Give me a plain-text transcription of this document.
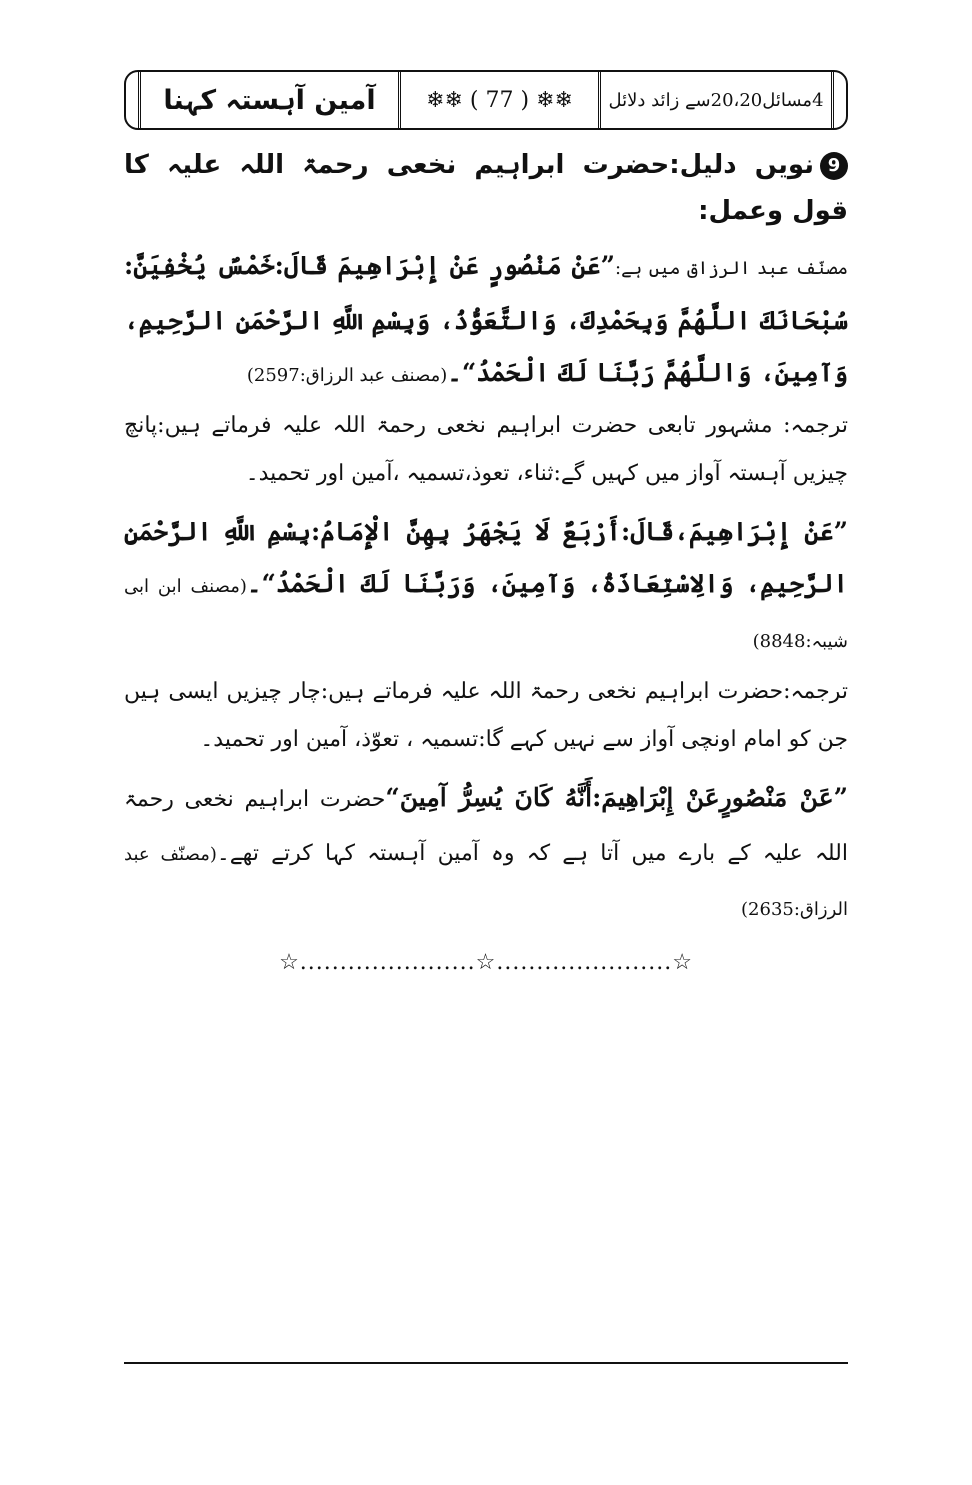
آمین آہستہ کہنا	❄❄ ( 77 ) ❄❄	4مسائل20،20سے زائد دلائل
9نویں دلیل:حضرت ابراہیم نخعی رحمۃ اللہ علیہ کا قول وعمل:

مصنّف عبد الرزاق میں ہے:”عَنْ مَنْصُورٍ عَنْ إِبْرَاهِيمَ قَالَ:خَمْسٌ يُخْفِيَنَّ: سُبْحَانَكَ اللَّهُمَّ وَبِحَمْدِكَ، وَالتَّعَوُّذُ، وَبِسْمِ اللَّهِ الرَّحْمَنِ الرَّحِيمِ، وَآمِينَ، وَاللَّهُمَّ رَبَّنَا لَكَ الْحَمْدُ“۔(مصنف عبد الرزاق:2597)

ترجمہ: مشہور تابعی حضرت ابراہیم نخعی رحمۃ اللہ علیہ فرماتے ہیں:پانچ چیزیں آہستہ آواز میں کہیں گے:ثناء، تعوذ،تسمیہ ،آمین اور تحمید۔

”عَنْ إِبْرَاهِيمَ،قَالَ:أَرْبَعٌ لَا يَجْهَرُ بِهِنَّ الْإِمَامُ:بِسْمِ اللَّهِ الرَّحْمَنِ الرَّحِيمِ، وَالِاسْتِعَاذَةُ، وَآمِينَ، وَرَبَّنَا لَكَ الْحَمْدُ“۔(مصنف ابن ابی شیبہ:8848)

ترجمہ:حضرت ابراہیم نخعی رحمۃ اللہ علیہ فرماتے ہیں:چار چیزیں ایسی ہیں جن کو امام اونچی آواز سے نہیں کہے گا:تسمیہ ، تعوّذ، آمین اور تحمید۔

”عَنْ مَنْصُورٍعَنْ إِبْرَاهِيمَ:أَنَّهُ كَانَ يُسِرُّ آمِينَ“حضرت ابراہیم نخعی رحمۃ اللہ علیہ کے بارے میں آتا ہے کہ وہ آمین آہستہ کہا کرتے تھے۔(مصنّف عبد الرزاق:2635)

☆......................☆......................☆
